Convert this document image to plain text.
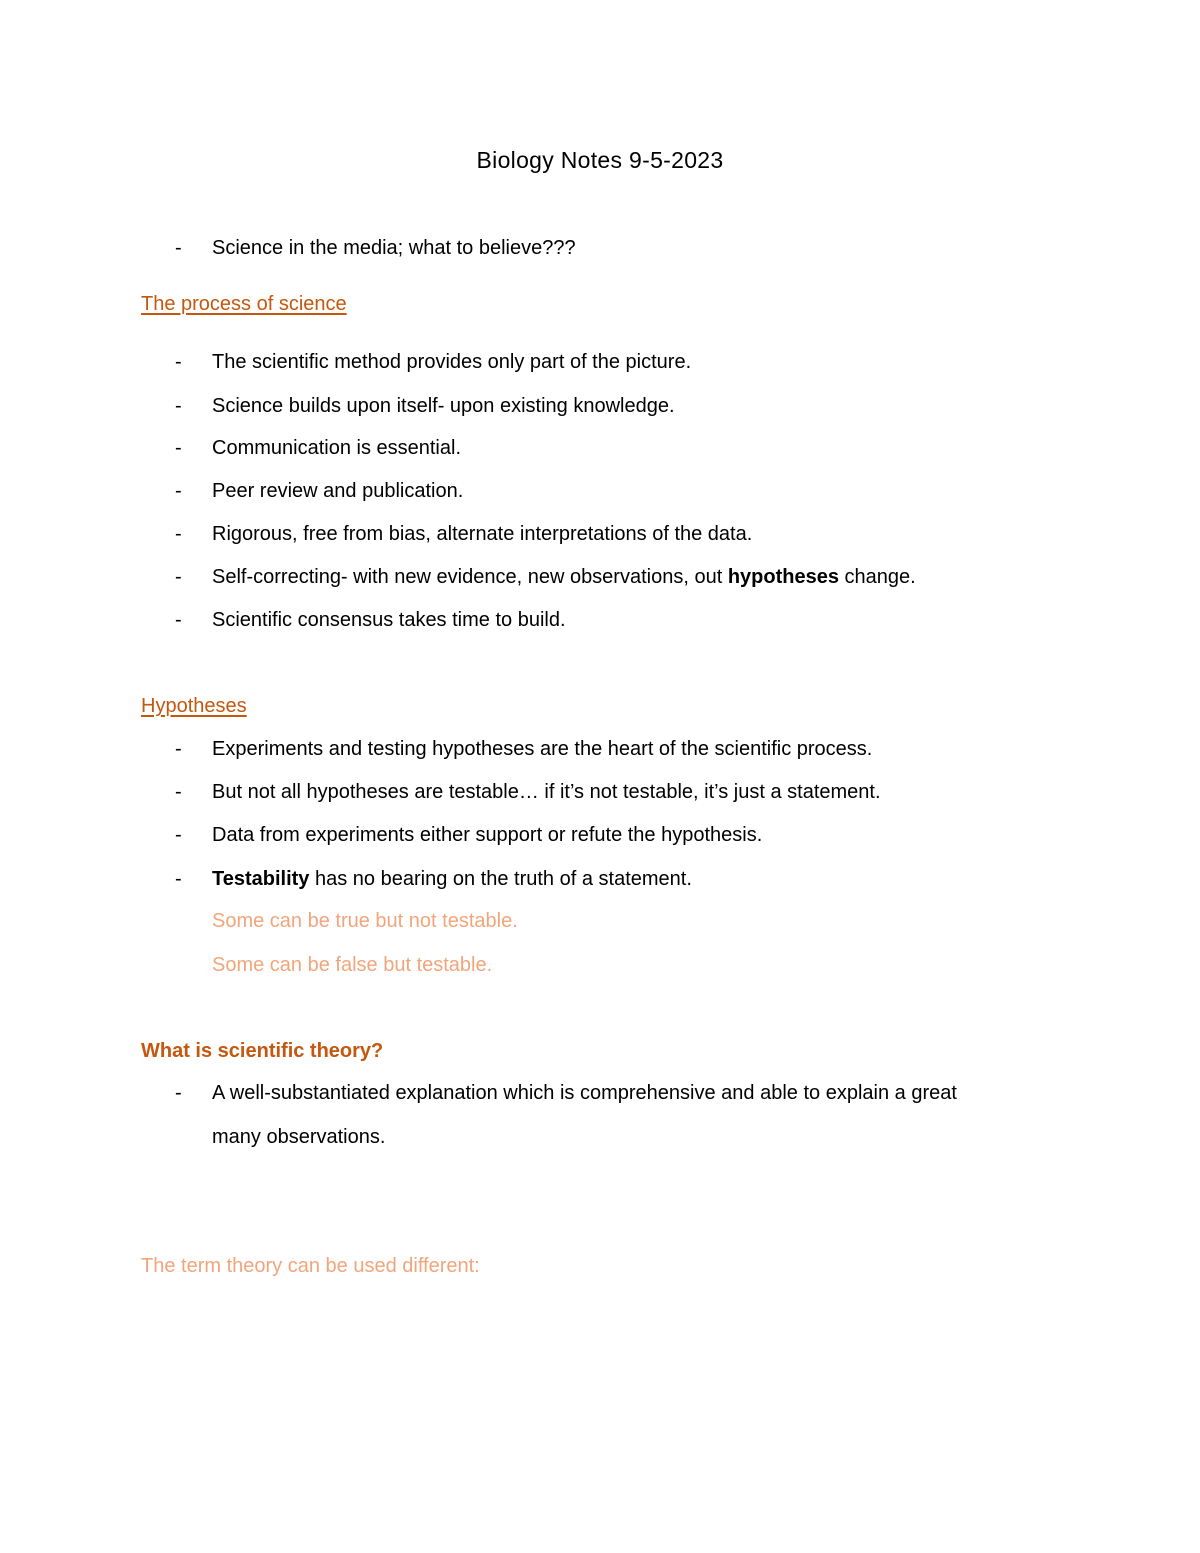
Biology Notes 9-5-2023
- Science in the media; what to believe???
The process of science
- The scientific method provides only part of the picture.
- Science builds upon itself- upon existing knowledge.
- Communication is essential.
- Peer review and publication.
- Rigorous, free from bias, alternate interpretations of the data.
- Self-correcting- with new evidence, new observations, out hypotheses change.
- Scientific consensus takes time to build.
Hypotheses
- Experiments and testing hypotheses are the heart of the scientific process.
- But not all hypotheses are testable… if it’s not testable, it’s just a statement.
- Data from experiments either support or refute the hypothesis.
- Testability has no bearing on the truth of a statement.
Some can be true but not testable.
Some can be false but testable.
What is scientific theory?
- A well-substantiated explanation which is comprehensive and able to explain a great
many observations.
The term theory can be used different:
